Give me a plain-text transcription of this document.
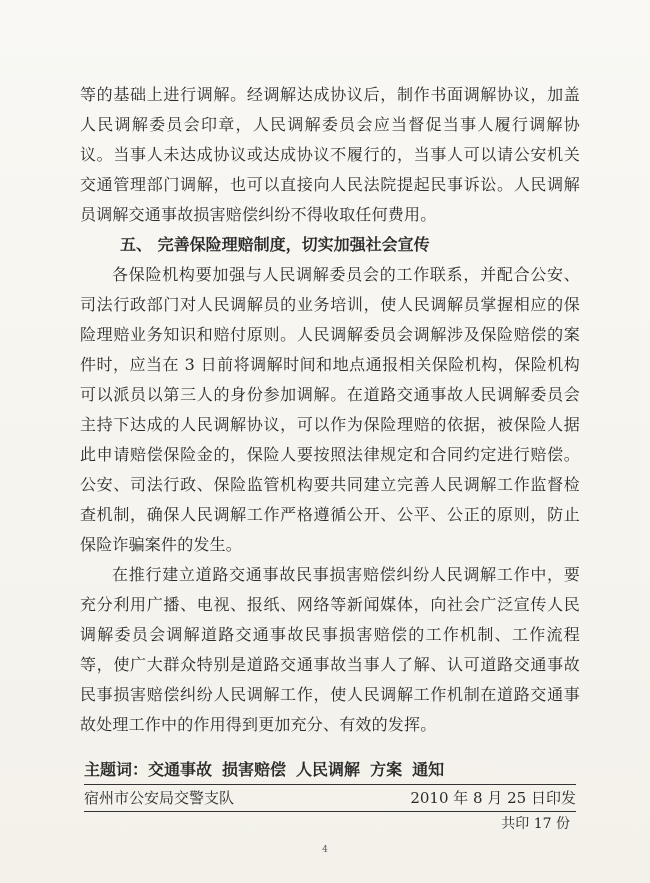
等的基础上进行调解。经调解达成协议后，制作书面调解协议，加盖人民调解委员会印章，人民调解委员会应当督促当事人履行调解协议。当事人未达成协议或达成协议不履行的，当事人可以请公安机关交通管理部门调解，也可以直接向人民法院提起民事诉讼。人民调解员调解交通事故损害赔偿纠纷不得收取任何费用。

五、 完善保险理赔制度，切实加强社会宣传

各保险机构要加强与人民调解委员会的工作联系，并配合公安、司法行政部门对人民调解员的业务培训，使人民调解员掌握相应的保险理赔业务知识和赔付原则。人民调解委员会调解涉及保险赔偿的案件时，应当在 3 日前将调解时间和地点通报相关保险机构，保险机构可以派员以第三人的身份参加调解。在道路交通事故人民调解委员会主持下达成的人民调解协议，可以作为保险理赔的依据，被保险人据此申请赔偿保险金的，保险人要按照法律规定和合同约定进行赔偿。公安、司法行政、保险监管机构要共同建立完善人民调解工作监督检查机制，确保人民调解工作严格遵循公开、公平、公正的原则，防止保险诈骗案件的发生。

在推行建立道路交通事故民事损害赔偿纠纷人民调解工作中，要充分利用广播、电视、报纸、网络等新闻媒体，向社会广泛宣传人民调解委员会调解道路交通事故民事损害赔偿的工作机制、工作流程等，使广大群众特别是道路交通事故当事人了解、认可道路交通事故民事损害赔偿纠纷人民调解工作，使人民调解工作机制在道路交通事故处理工作中的作用得到更加充分、有效的发挥。

主题词：交通事故 损害赔偿 人民调解 方案 通知
宿州市公安局交警支队	2010 年 8 月 25 日印发
共印 17 份
4
